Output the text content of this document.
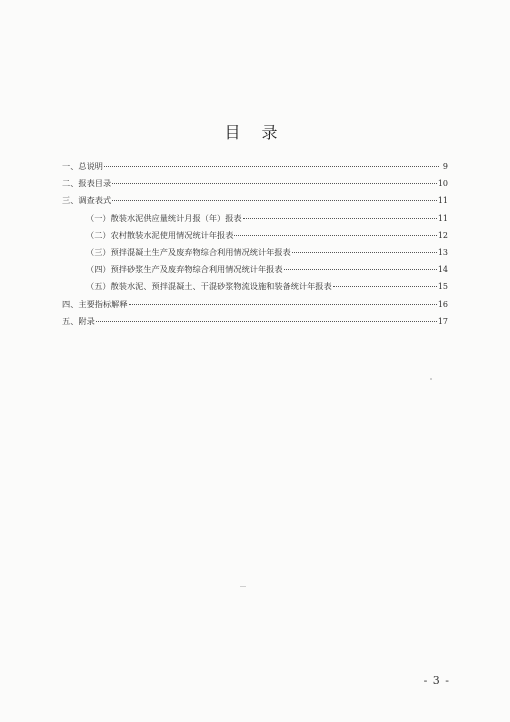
目 录
一、总说明	9
二、报表目录	10
三、调查表式	11
（一）散装水泥供应量统计月报（年）报表	11
（二）农村散装水泥使用情况统计年报表	12
（三）预拌混凝土生产及废弃物综合利用情况统计年报表	13
（四）预拌砂浆生产及废弃物综合利用情况统计年报表	14
（五）散装水泥、预拌混凝土、干混砂浆物流设施和装备统计年报表	15
四、主要指标解释	16
五、附录	17
- 3 -
